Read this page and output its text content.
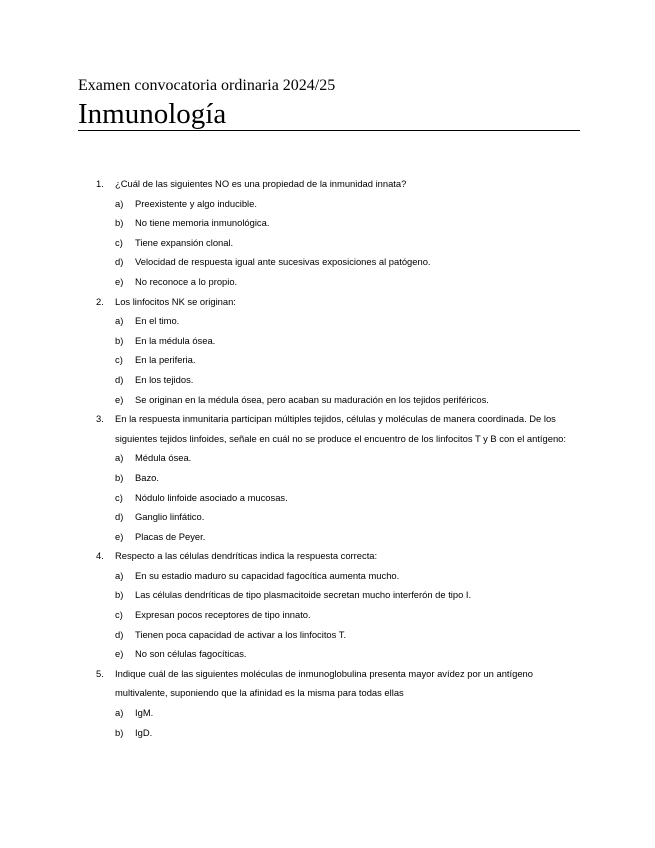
Examen convocatoria ordinaria 2024/25
Inmunología
1. ¿Cuál de las siguientes NO es una propiedad de la inmunidad innata?
a) Preexistente y algo inducible.
b) No tiene memoria inmunológica.
c) Tiene expansión clonal.
d) Velocidad de respuesta igual ante sucesivas exposiciones al patógeno.
e) No reconoce a lo propio.
2. Los linfocitos NK se originan:
a) En el timo.
b) En la médula ósea.
c) En la periferia.
d) En los tejidos.
e) Se originan en la médula ósea, pero acaban su maduración en los tejidos periféricos.
3. En la respuesta inmunitaria participan múltiples tejidos, células y moléculas de manera coordinada. De los siguientes tejidos linfoides, señale en cuál no se produce el encuentro de los linfocitos T y B con el antígeno:
a) Médula ósea.
b) Bazo.
c) Nódulo linfoide asociado a mucosas.
d) Ganglio linfático.
e) Placas de Peyer.
4. Respecto a las células dendríticas indica la respuesta correcta:
a) En su estadio maduro su capacidad fagocítica aumenta mucho.
b) Las células dendríticas de tipo plasmacitoide secretan mucho interferón de tipo I.
c) Expresan pocos receptores de tipo innato.
d) Tienen poca capacidad de activar a los linfocitos T.
e) No son células fagocíticas.
5. Indique cuál de las siguientes moléculas de inmunoglobulina presenta mayor avídez por un antígeno multivalente, suponiendo que la afinidad es la misma para todas ellas
a) IgM.
b) IgD.
